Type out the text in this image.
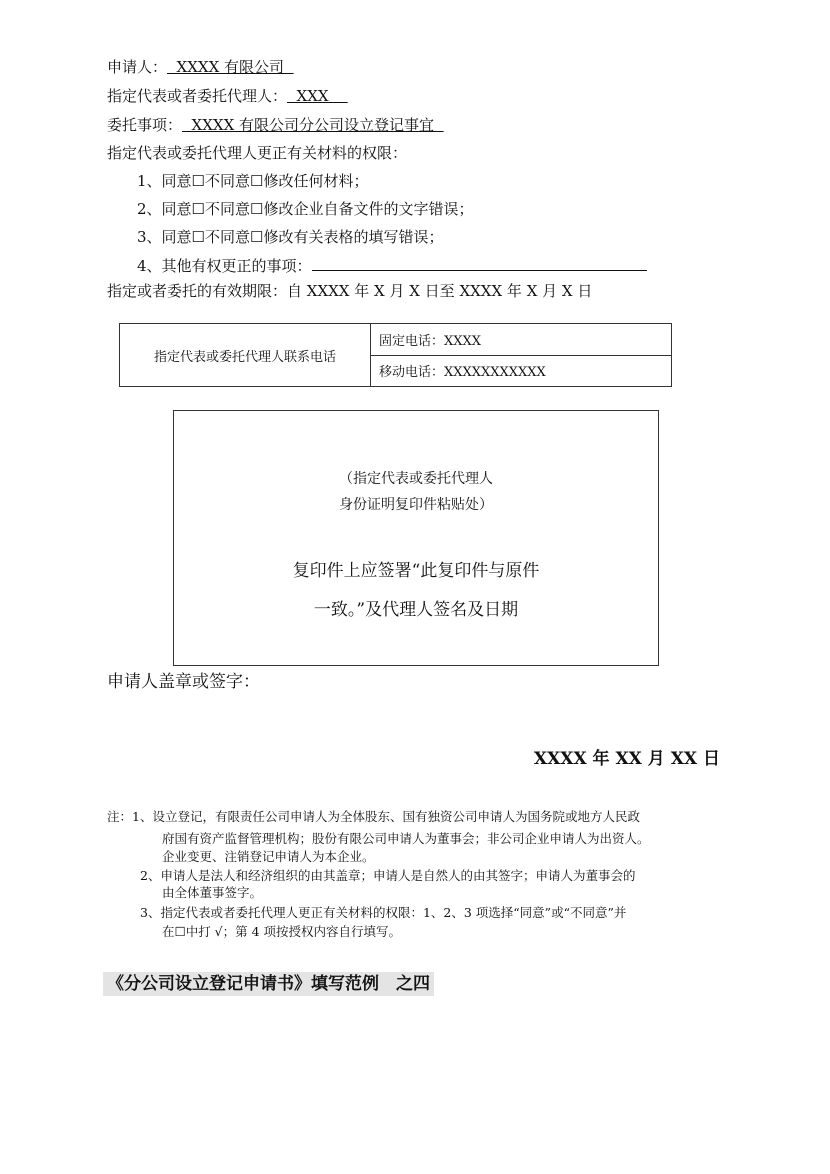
申请人：  XXXX 有限公司
指定代表或者委托代理人：  XXX
委托事项：  XXXX 有限公司分公司设立登记事宜
指定代表或委托代理人更正有关材料的权限：
1、同意☐不同意☐修改任何材料；
2、同意☐不同意☐修改企业自备文件的文字错误；
3、同意☐不同意☐修改有关表格的填写错误；
4、其他有权更正的事项：
指定或者委托的有效期限：自 XXXX 年 X 月 X 日至 XXXX 年 X 月 X 日
指定代表或委托代理人联系电话	固定电话：XXXX
移动电话：XXXXXXXXXXX
（指定代表或委托代理人
身份证明复印件粘贴处）
复印件上应签署“此复印件与原件
一致。”及代理人签名及日期
申请人盖章或签字：
XXXX 年 XX 月 XX 日
注：1、设立登记，有限责任公司申请人为全体股东、国有独资公司申请人为国务院或地方人民政
府国有资产监督管理机构；股份有限公司申请人为董事会；非公司企业申请人为出资人。
企业变更、注销登记申请人为本企业。
2、申请人是法人和经济组织的由其盖章；申请人是自然人的由其签字；申请人为董事会的
由全体董事签字。
3、指定代表或者委托代理人更正有关材料的权限：1、2、3 项选择“同意”或“不同意”并
在☐中打 √；第 4 项按授权内容自行填写。
《分公司设立登记申请书》填写范例　之四
